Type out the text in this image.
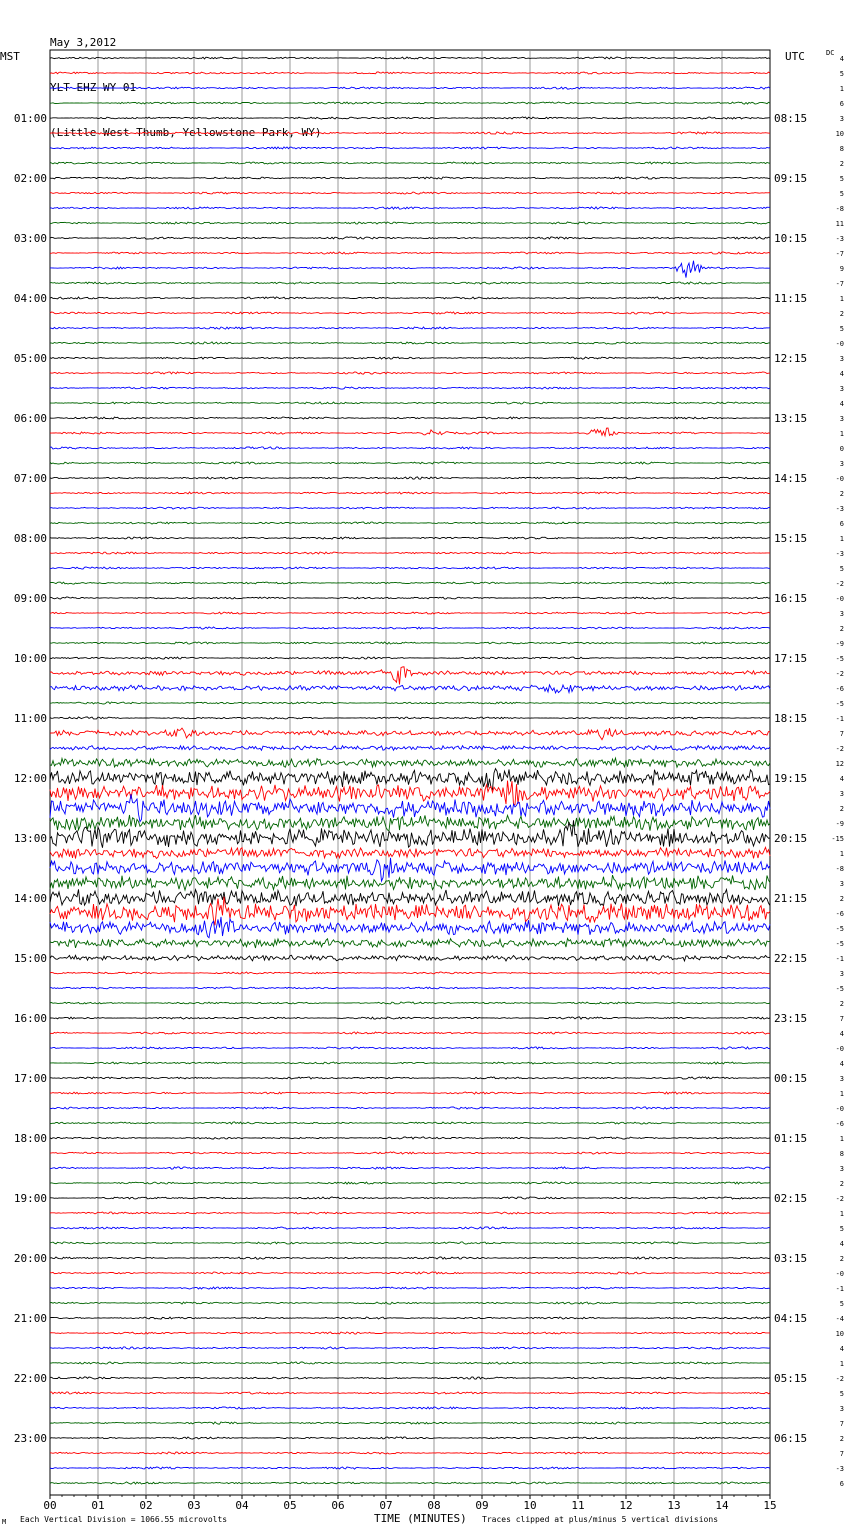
May 3,2012

YLT EHZ WY 01

(Little West Thumb, Yellowstone Park, WY)

MST	UTC	DC
01:00
02:00
03:00
04:00
05:00
06:00
07:00
08:00
09:00
10:00
11:00
12:00
13:00
14:00
15:00
16:00
17:00
18:00
19:00
20:00
21:00
22:00
23:00
08:15
09:15
10:15
11:15
12:15
13:15
14:15
15:15
16:15
17:15
18:15
19:15
20:15
21:15
22:15
23:15
00:15
01:15
02:15
03:15
04:15
05:15
06:15
4
5
1
6
3
10
8
2
5
5
-8
11
-3
-7
9
-7
1
2
5
-0
3
4
3
4
3
1
0
3
-0
2
-3
6
1
-3
5
-2
-0
3
2
-9
-5
-2
-6
-5
-1
7
-2
12
4
3
2
-9
-15
1
-8
3
2
-6
-5
-5
-1
3
-5
2
7
4
-0
4
3
1
-0
-6
1
8
3
2
-2
1
5
4
2
-0
-1
5
-4
10
4
1
-2
5
3
7
2
7
-3
6
00	01	02	03	04	05	06	07	08	09	10	11	12	13	14	15
M Each Vertical Division = 1066.55 microvolts	TIME (MINUTES) Traces clipped at plus/minus 5 vertical divisions
